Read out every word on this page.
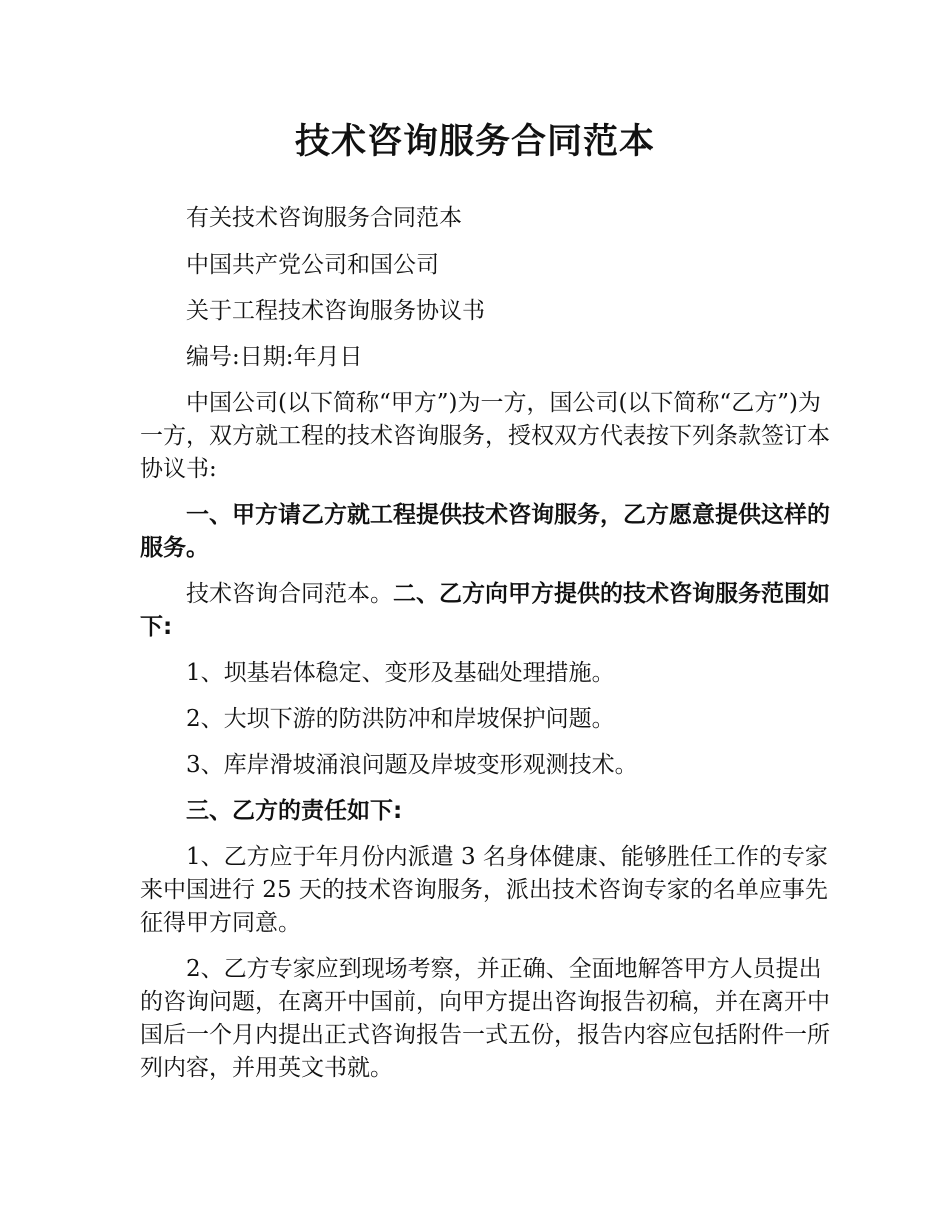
技术咨询服务合同范本

有关技术咨询服务合同范本

中国共产党公司和国公司

关于工程技术咨询服务协议书

编号:日期:年月日

中国公司(以下简称“甲方”)为一方，国公司(以下简称“乙方”)为一方，双方就工程的技术咨询服务，授权双方代表按下列条款签订本协议书:

一、甲方请乙方就工程提供技术咨询服务，乙方愿意提供这样的服务。

技术咨询合同范本。二、乙方向甲方提供的技术咨询服务范围如下:

1、坝基岩体稳定、变形及基础处理措施。

2、大坝下游的防洪防冲和岸坡保护问题。

3、库岸滑坡涌浪问题及岸坡变形观测技术。

三、乙方的责任如下:

1、乙方应于年月份内派遣 3 名身体健康、能够胜任工作的专家来中国进行 25 天的技术咨询服务，派出技术咨询专家的名单应事先征得甲方同意。

2、乙方专家应到现场考察，并正确、全面地解答甲方人员提出的咨询问题，在离开中国前，向甲方提出咨询报告初稿，并在离开中国后一个月内提出正式咨询报告一式五份，报告内容应包括附件一所列内容，并用英文书就。
